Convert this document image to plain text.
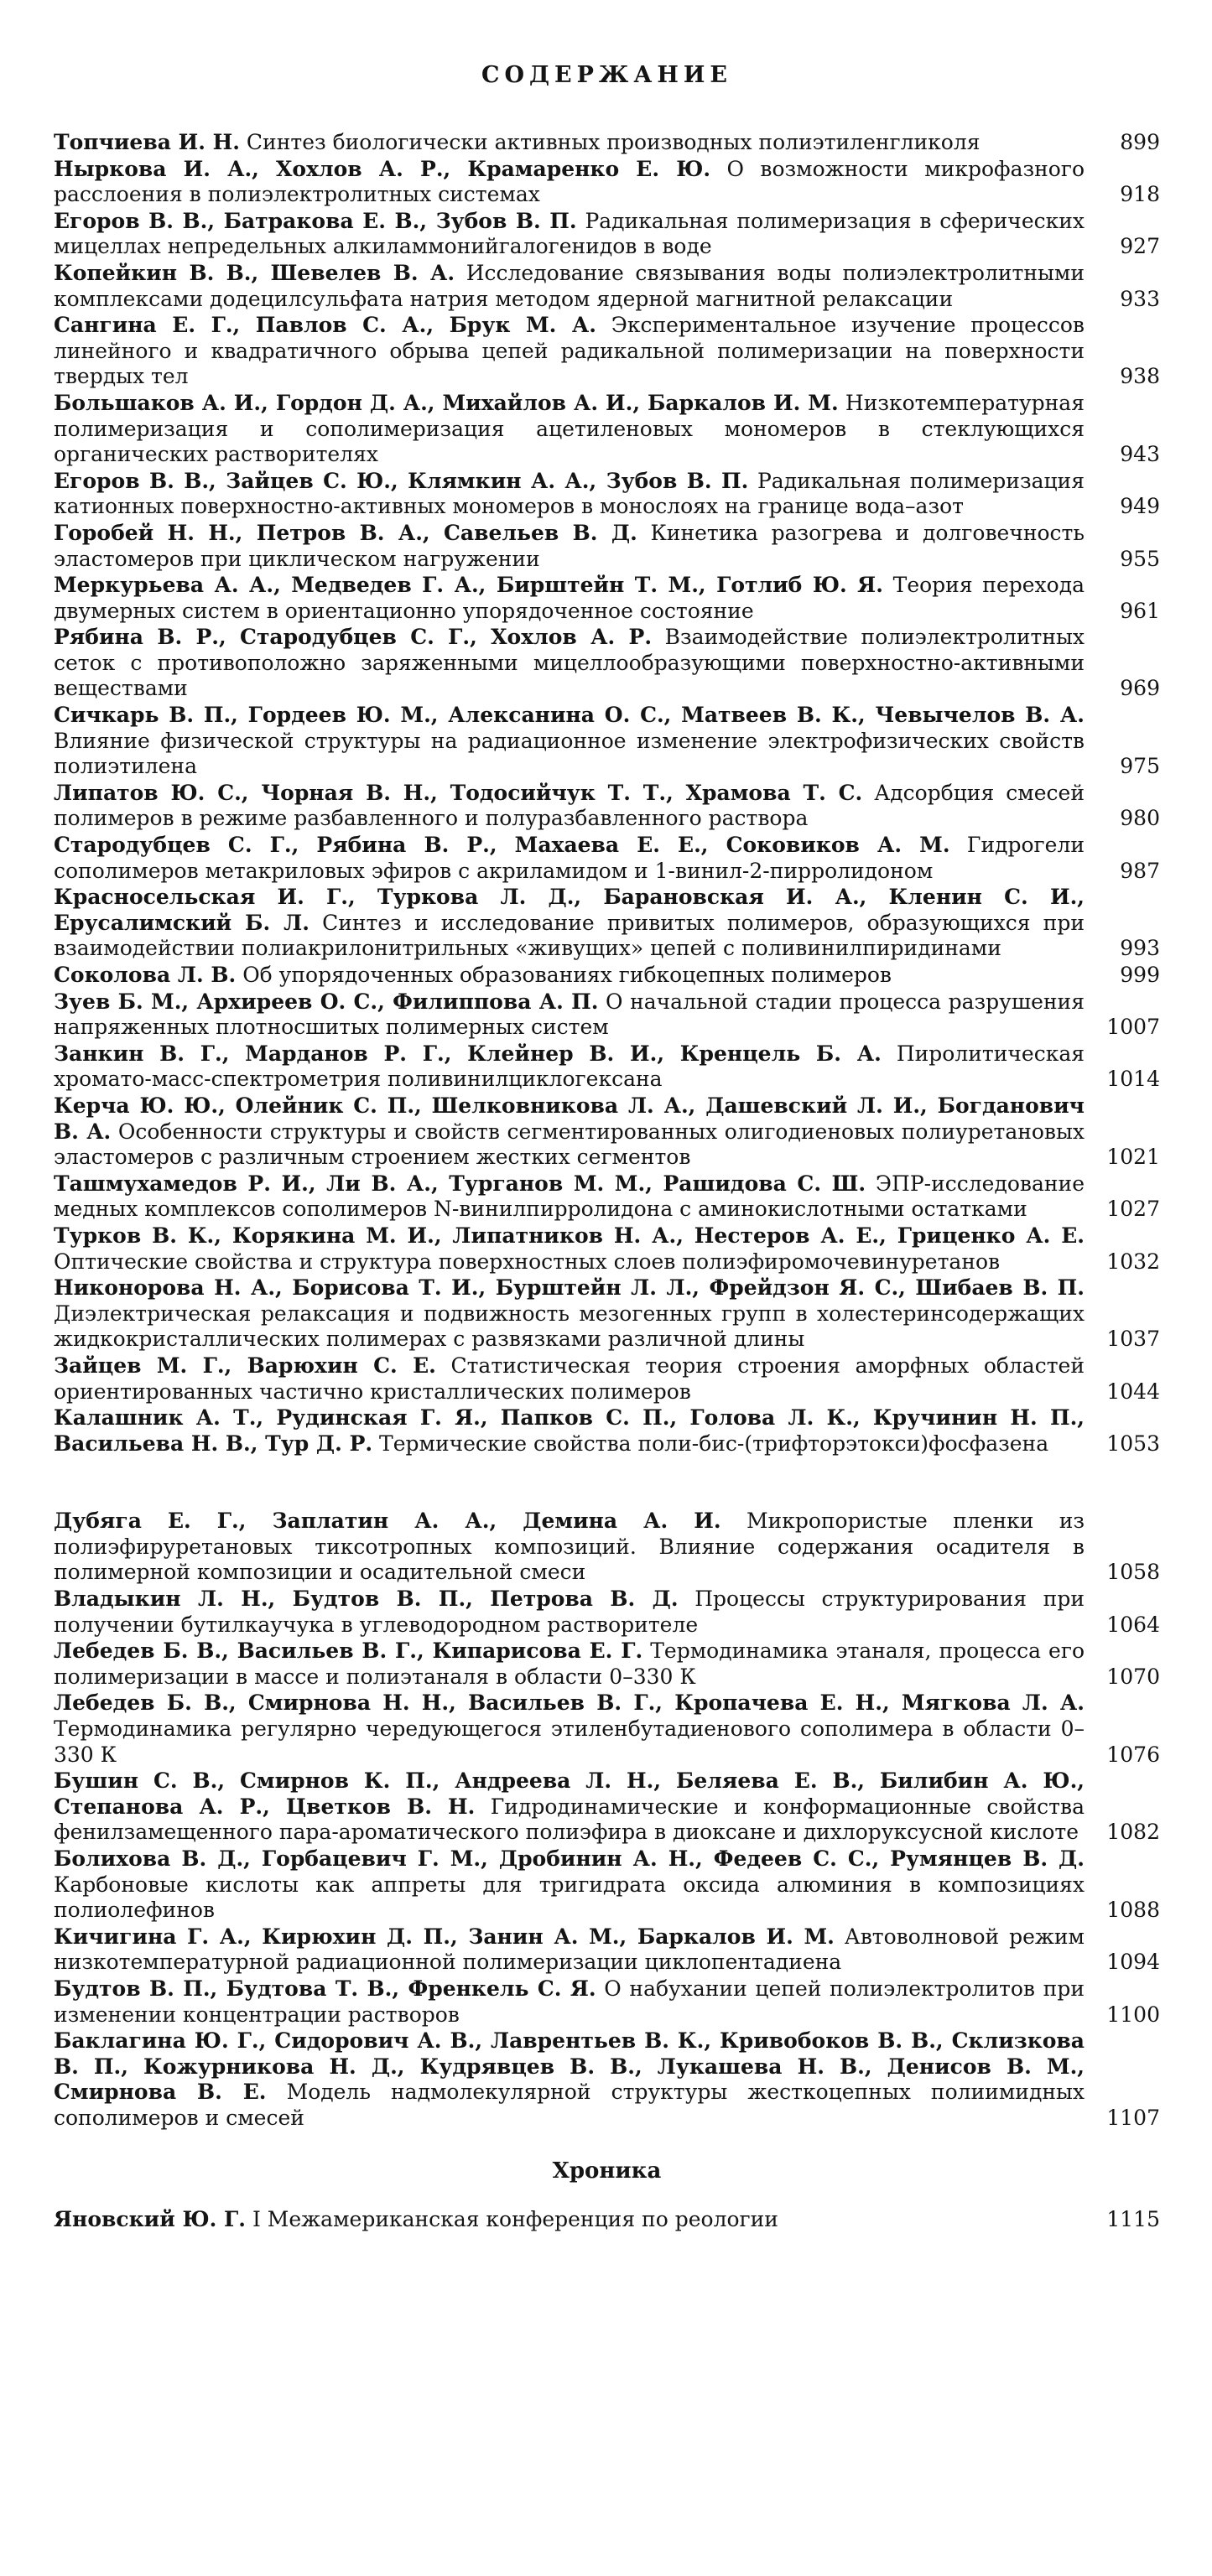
СОДЕРЖАНИЕ
Топчиева И. Н. Синтез биологически активных производных полиэтиленгликоля	899
Ныркова И. А., Хохлов А. Р., Крамаренко Е. Ю. О возможности микрофазного расслоения в полиэлектролитных системах	918
Егоров В. В., Батракова Е. В., Зубов В. П. Радикальная полимеризация в сферических мицеллах непредельных алкиламмонийгалогенидов в воде	927
Копейкин В. В., Шевелев В. А. Исследование связывания воды полиэлектролитными комплексами додецилсульфата натрия методом ядерной магнитной релаксации	933
Сангина Е. Г., Павлов С. А., Брук М. А. Экспериментальное изучение процессов линейного и квадратичного обрыва цепей радикальной полимеризации на поверхности твердых тел	938
Большаков А. И., Гордон Д. А., Михайлов А. И., Баркалов И. М. Низкотемпературная полимеризация и сополимеризация ацетиленовых мономеров в стеклующихся органических растворителях	943
Егоров В. В., Зайцев С. Ю., Клямкин А. А., Зубов В. П. Радикальная полимеризация катионных поверхностно-активных мономеров в монослоях на границе вода–азот	949
Горобей Н. Н., Петров В. А., Савельев В. Д. Кинетика разогрева и долговечность эластомеров при циклическом нагружении	955
Меркурьева А. А., Медведев Г. А., Бирштейн Т. М., Готлиб Ю. Я. Теория перехода двумерных систем в ориентационно упорядоченное состояние	961
Рябина В. Р., Стародубцев С. Г., Хохлов А. Р. Взаимодействие полиэлектролитных сеток с противоположно заряженными мицеллообразующими поверхностно-активными веществами	969
Сичкарь В. П., Гордеев Ю. М., Алексанина О. С., Матвеев В. К., Чевычелов В. А. Влияние физической структуры на радиационное изменение электрофизических свойств полиэтилена	975
Липатов Ю. С., Чорная В. Н., Тодосийчук Т. Т., Храмова Т. С. Адсорбция смесей полимеров в режиме разбавленного и полуразбавленного раствора	980
Стародубцев С. Г., Рябина В. Р., Махаева Е. Е., Соковиков А. М. Гидрогели сополимеров метакриловых эфиров с акриламидом и 1-винил-2-пирролидоном	987
Красносельская И. Г., Туркова Л. Д., Барановская И. А., Кленин С. И., Ерусалимский Б. Л. Синтез и исследование привитых полимеров, образующихся при взаимодействии полиакрилонитрильных «живущих» цепей с поливинилпиридинами	993
Соколова Л. В. Об упорядоченных образованиях гибкоцепных полимеров	999
Зуев Б. М., Архиреев О. С., Филиппова А. П. О начальной стадии процесса разрушения напряженных плотносшитых полимерных систем	1007
Занкин В. Г., Марданов Р. Г., Клейнер В. И., Кренцель Б. А. Пиролитическая хромато-масс-спектрометрия поливинилциклогексана	1014
Керча Ю. Ю., Олейник С. П., Шелковникова Л. А., Дашевский Л. И., Богданович В. А. Особенности структуры и свойств сегментированных олигодиеновых полиуретановых эластомеров с различным строением жестких сегментов	1021
Ташмухамедов Р. И., Ли В. А., Турганов М. М., Рашидова С. Ш. ЭПР-исследование медных комплексов сополимеров N-винилпирролидона с аминокислотными остатками	1027
Турков В. К., Корякина М. И., Липатников Н. А., Нестеров А. Е., Гриценко А. Е. Оптические свойства и структура поверхностных слоев полиэфиромочевинуретанов	1032
Никонорова Н. А., Борисова Т. И., Бурштейн Л. Л., Фрейдзон Я. С., Шибаев В. П. Диэлектрическая релаксация и подвижность мезогенных групп в холестеринсодержащих жидкокристаллических полимерах с развязками различной длины	1037
Зайцев М. Г., Варюхин С. Е. Статистическая теория строения аморфных областей ориентированных частично кристаллических полимеров	1044
Калашник А. Т., Рудинская Г. Я., Папков С. П., Голова Л. К., Кручинин Н. П., Васильева Н. В., Тур Д. Р. Термические свойства поли-бис-(трифторэтокси)фосфазена	1053
Дубяга Е. Г., Заплатин А. А., Демина А. И. Микропористые пленки из полиэфируретановых тиксотропных композиций. Влияние содержания осадителя в полимерной композиции и осадительной смеси	1058
Владыкин Л. Н., Будтов В. П., Петрова В. Д. Процессы структурирования при получении бутилкаучука в углеводородном растворителе	1064
Лебедев Б. В., Васильев В. Г., Кипарисова Е. Г. Термодинамика этаналя, процесса его полимеризации в массе и полиэтаналя в области 0–330 К	1070
Лебедев Б. В., Смирнова Н. Н., Васильев В. Г., Кропачева Е. Н., Мягкова Л. А. Термодинамика регулярно чередующегося этиленбутадиенового сополимера в области 0–330 К	1076
Бушин С. В., Смирнов К. П., Андреева Л. Н., Беляева Е. В., Билибин А. Ю., Степанова А. Р., Цветков В. Н. Гидродинамические и конформационные свойства фенилзамещенного пара-ароматического полиэфира в диоксане и дихлоруксусной кислоте	1082
Болихова В. Д., Горбацевич Г. М., Дробинин А. Н., Федеев С. С., Румянцев В. Д. Карбоновые кислоты как аппреты для тригидрата оксида алюминия в композициях полиолефинов	1088
Кичигина Г. А., Кирюхин Д. П., Занин А. М., Баркалов И. М. Автоволновой режим низкотемпературной радиационной полимеризации циклопентадиена	1094
Будтов В. П., Будтова Т. В., Френкель С. Я. О набухании цепей полиэлектролитов при изменении концентрации растворов	1100
Баклагина Ю. Г., Сидорович А. В., Лаврентьев В. К., Кривобоков В. В., Склизкова В. П., Кожурникова Н. Д., Кудрявцев В. В., Лукашева Н. В., Денисов В. М., Смирнова В. Е. Модель надмолекулярной структуры жесткоцепных полиимидных сополимеров и смесей	1107
Хроника
Яновский Ю. Г. I Межамериканская конференция по реологии	1115
